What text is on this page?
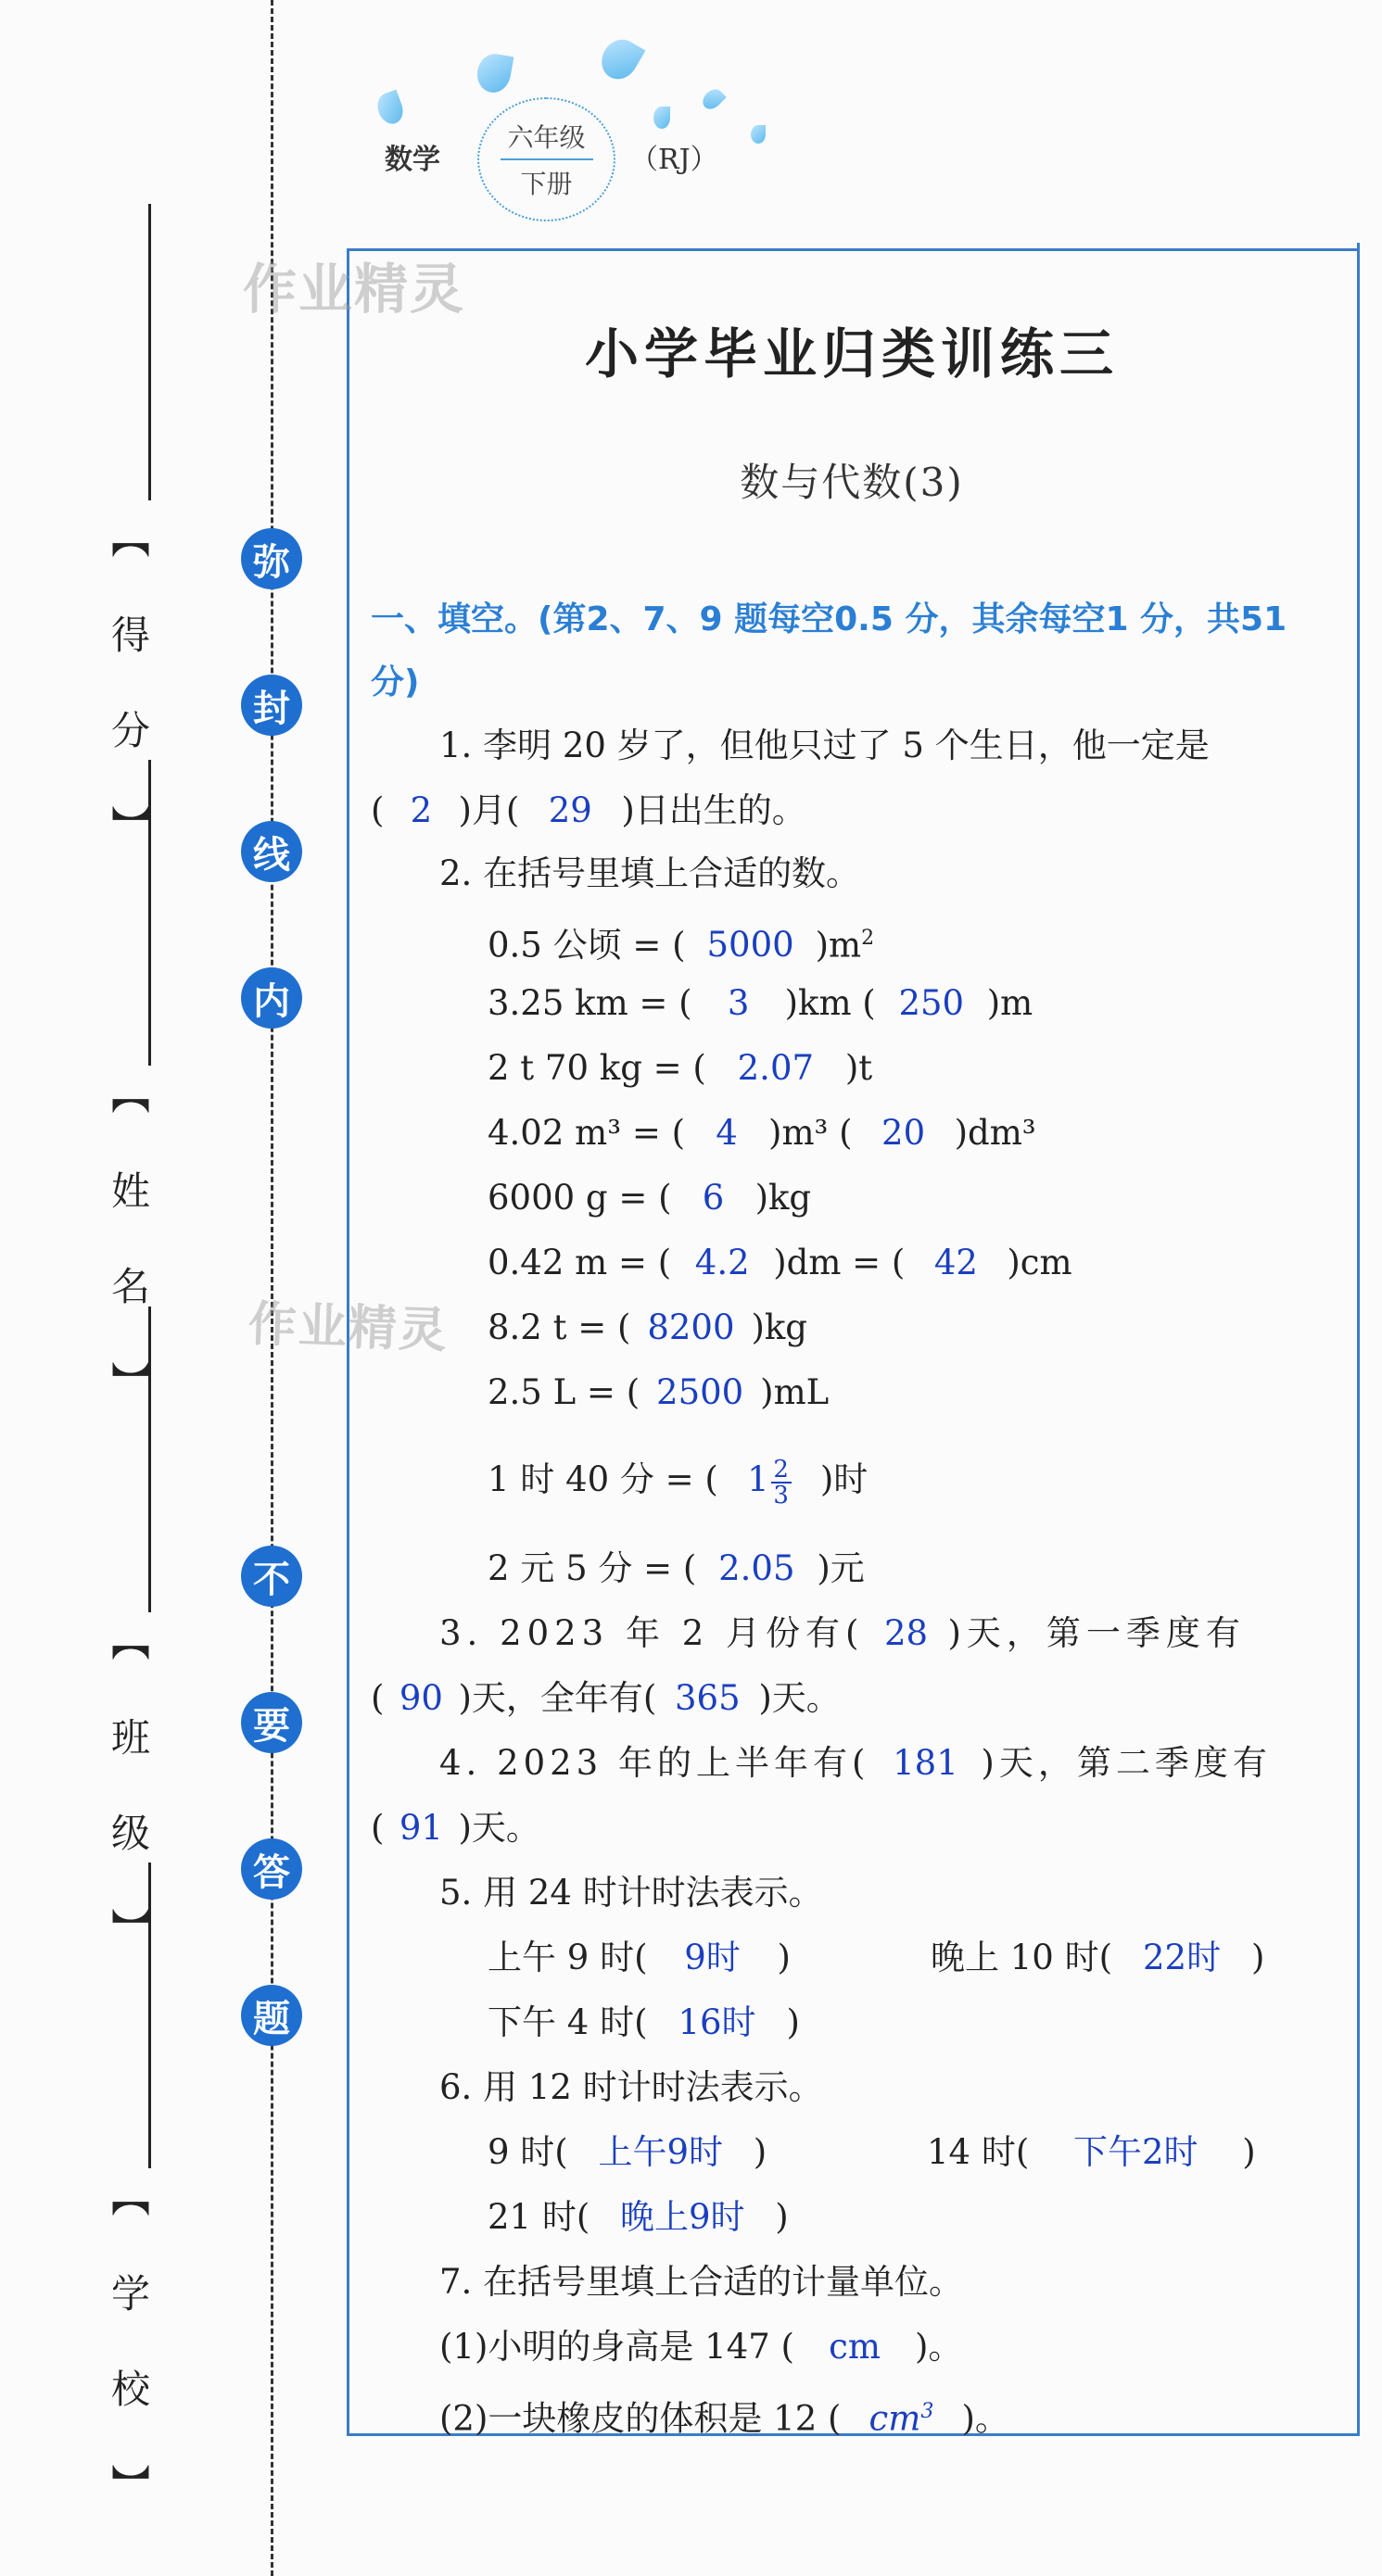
【 得 分 】
【 姓 名 】
【 班 级 】
【 学 校 】
弥
封
线
内
不
要
答
题
数学
六年级
下册
（RJ）
作业精灵
作业精灵
小学毕业归类训练三
数与代数(3)
一、填空。(第2、7、9 题每空0.5 分，其余每空1 分，共51 分)
1. 李明 20 岁了，但他只过了 5 个生日，他一定是
( 2 )月( 29 )日出生的。
2. 在括号里填上合适的数。
0.5 公顷 = ( 5000 )$m^2$
3.25 km = ( 3 )km ( 250 )m
2 t 70 kg = ( 2.07 )t
4.02 m³ = ( 4 )m³ ( 20 )dm³
6000 g = ( 6 )kg
0.42 m = ( 4.2 )dm = ( 42 )cm
8.2 t = ( 8200 )kg
2.5 L = ( 2500 )mL
1 时 40 分 = ( $1 \frac{2}{3}$ )时
2 元 5 分 = ( 2.05 )元
3. 2023 年 2 月份有( 28 )天，第一季度有
( 90 )天，全年有( 365 )天。
4. 2023 年的上半年有( 181 )天，第二季度有
( 91 )天。
5. 用 24 时计时法表示。
上午 9 时( 9时 )	晚上 10 时( 22时 )
下午 4 时( 16时 )
6. 用 12 时计时法表示。
9 时( 上午9时 )	14 时( 下午2时 )
21 时( 晚上9时 )
7. 在括号里填上合适的计量单位。
(1)小明的身高是 147 ( cm )。
(2)一块橡皮的体积是 12 ( $cm^3$ )。
